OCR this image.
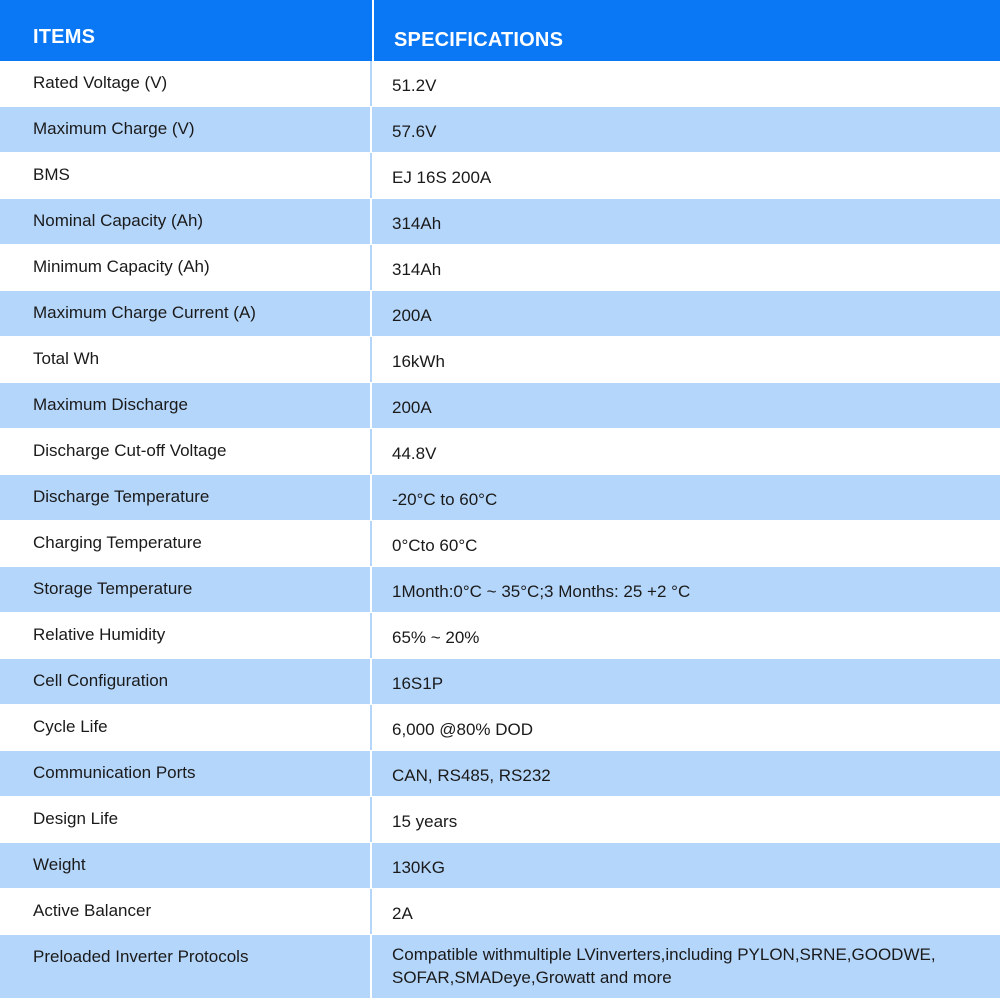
ITEMS	SPECIFICATIONS
Rated Voltage (V)	51.2V
Maximum Charge (V)	57.6V
BMS	EJ 16S 200A
Nominal Capacity (Ah)	314Ah
Minimum Capacity (Ah)	314Ah
Maximum Charge Current (A)	200A
Total Wh	16kWh
Maximum Discharge	200A
Discharge Cut-off Voltage	44.8V
Discharge Temperature	-20°C to 60°C
Charging Temperature	0°Cto 60°C
Storage Temperature	1Month:0°C ~ 35°C;3 Months: 25 +2 °C
Relative Humidity	65% ~ 20%
Cell Configuration	16S1P
Cycle Life	6,000 @80% DOD
Communication Ports	CAN, RS485, RS232
Design Life	15 years
Weight	130KG
Active Balancer	2A
Preloaded Inverter Protocols	Compatible withmultiple LVinverters,including PYLON,SRNE,GOODWE, SOFAR,SMADeye,Growatt and more
